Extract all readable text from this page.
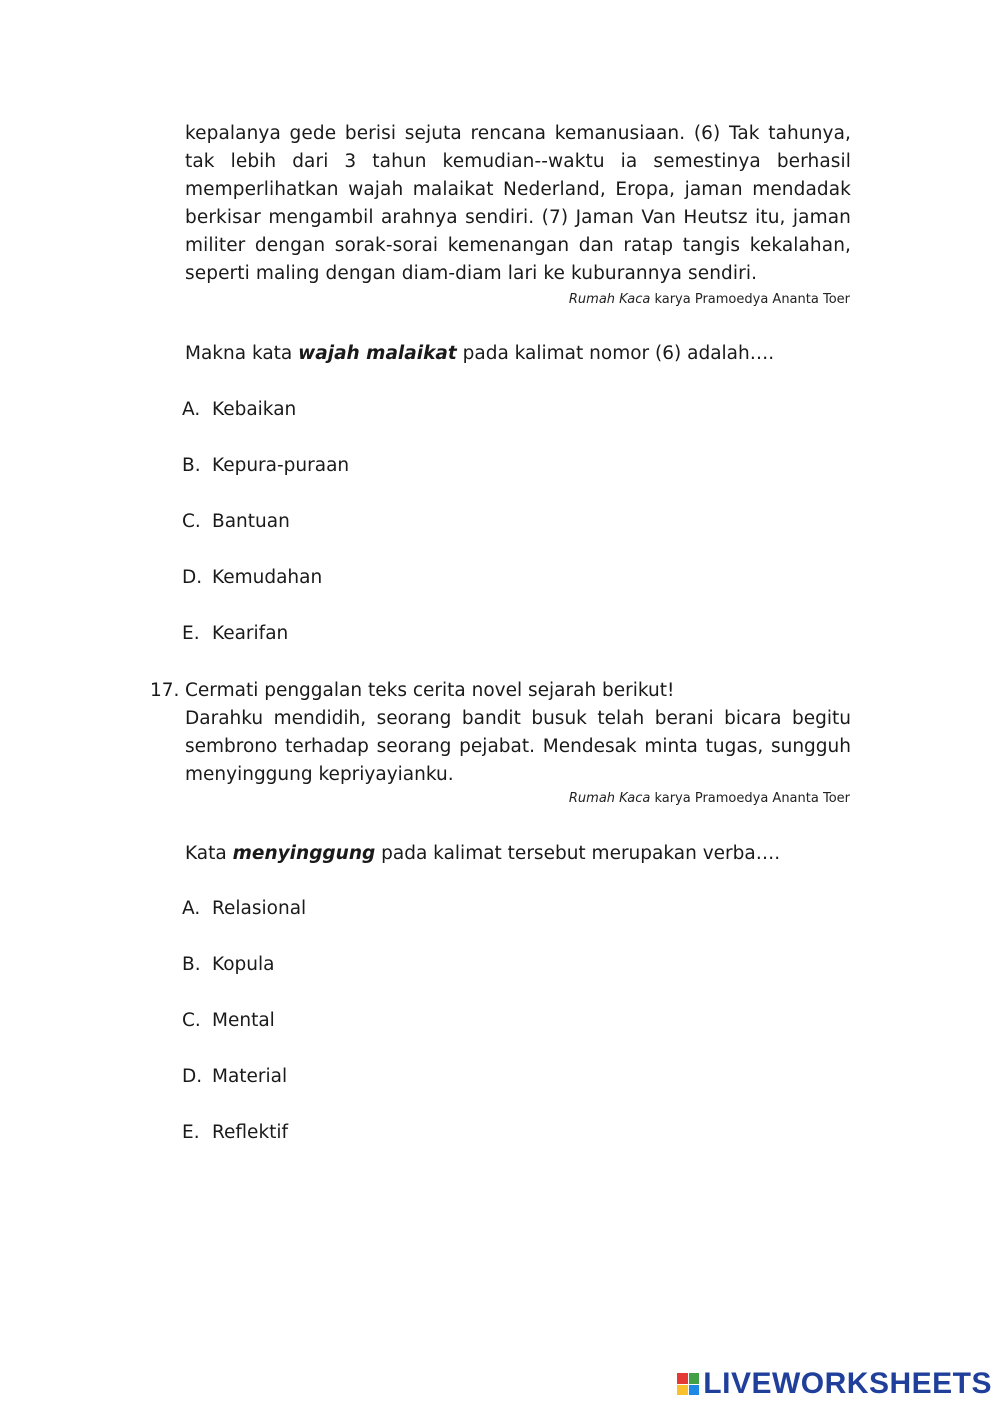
kepalanya gede berisi sejuta rencana kemanusiaan. (6) Tak tahunya, tak lebih dari 3 tahun kemudian--waktu ia semestinya berhasil memperlihatkan wajah malaikat Nederland, Eropa, jaman mendadak berkisar mengambil arahnya sendiri. (7) Jaman Van Heutsz itu, jaman militer dengan sorak-sorai kemenangan dan ratap tangis kekalahan, seperti maling dengan diam-diam lari ke kuburannya sendiri.

Rumah Kaca karya Pramoedya Ananta Toer
Makna kata wajah malaikat pada kalimat nomor (6) adalah….
A. Kebaikan
B. Kepura-puraan
C. Bantuan
D. Kemudahan
E. Kearifan
17. Cermati penggalan teks cerita novel sejarah berikut!

Darahku mendidih, seorang bandit busuk telah berani bicara begitu sembrono terhadap seorang pejabat. Mendesak minta tugas, sungguh menyinggung kepriyayianku.

Rumah Kaca karya Pramoedya Ananta Toer
Kata menyinggung pada kalimat tersebut merupakan verba….
A. Relasional
B. Kopula
C. Mental
D. Material
E. Reflektif
LIVEWORKSHEETS
